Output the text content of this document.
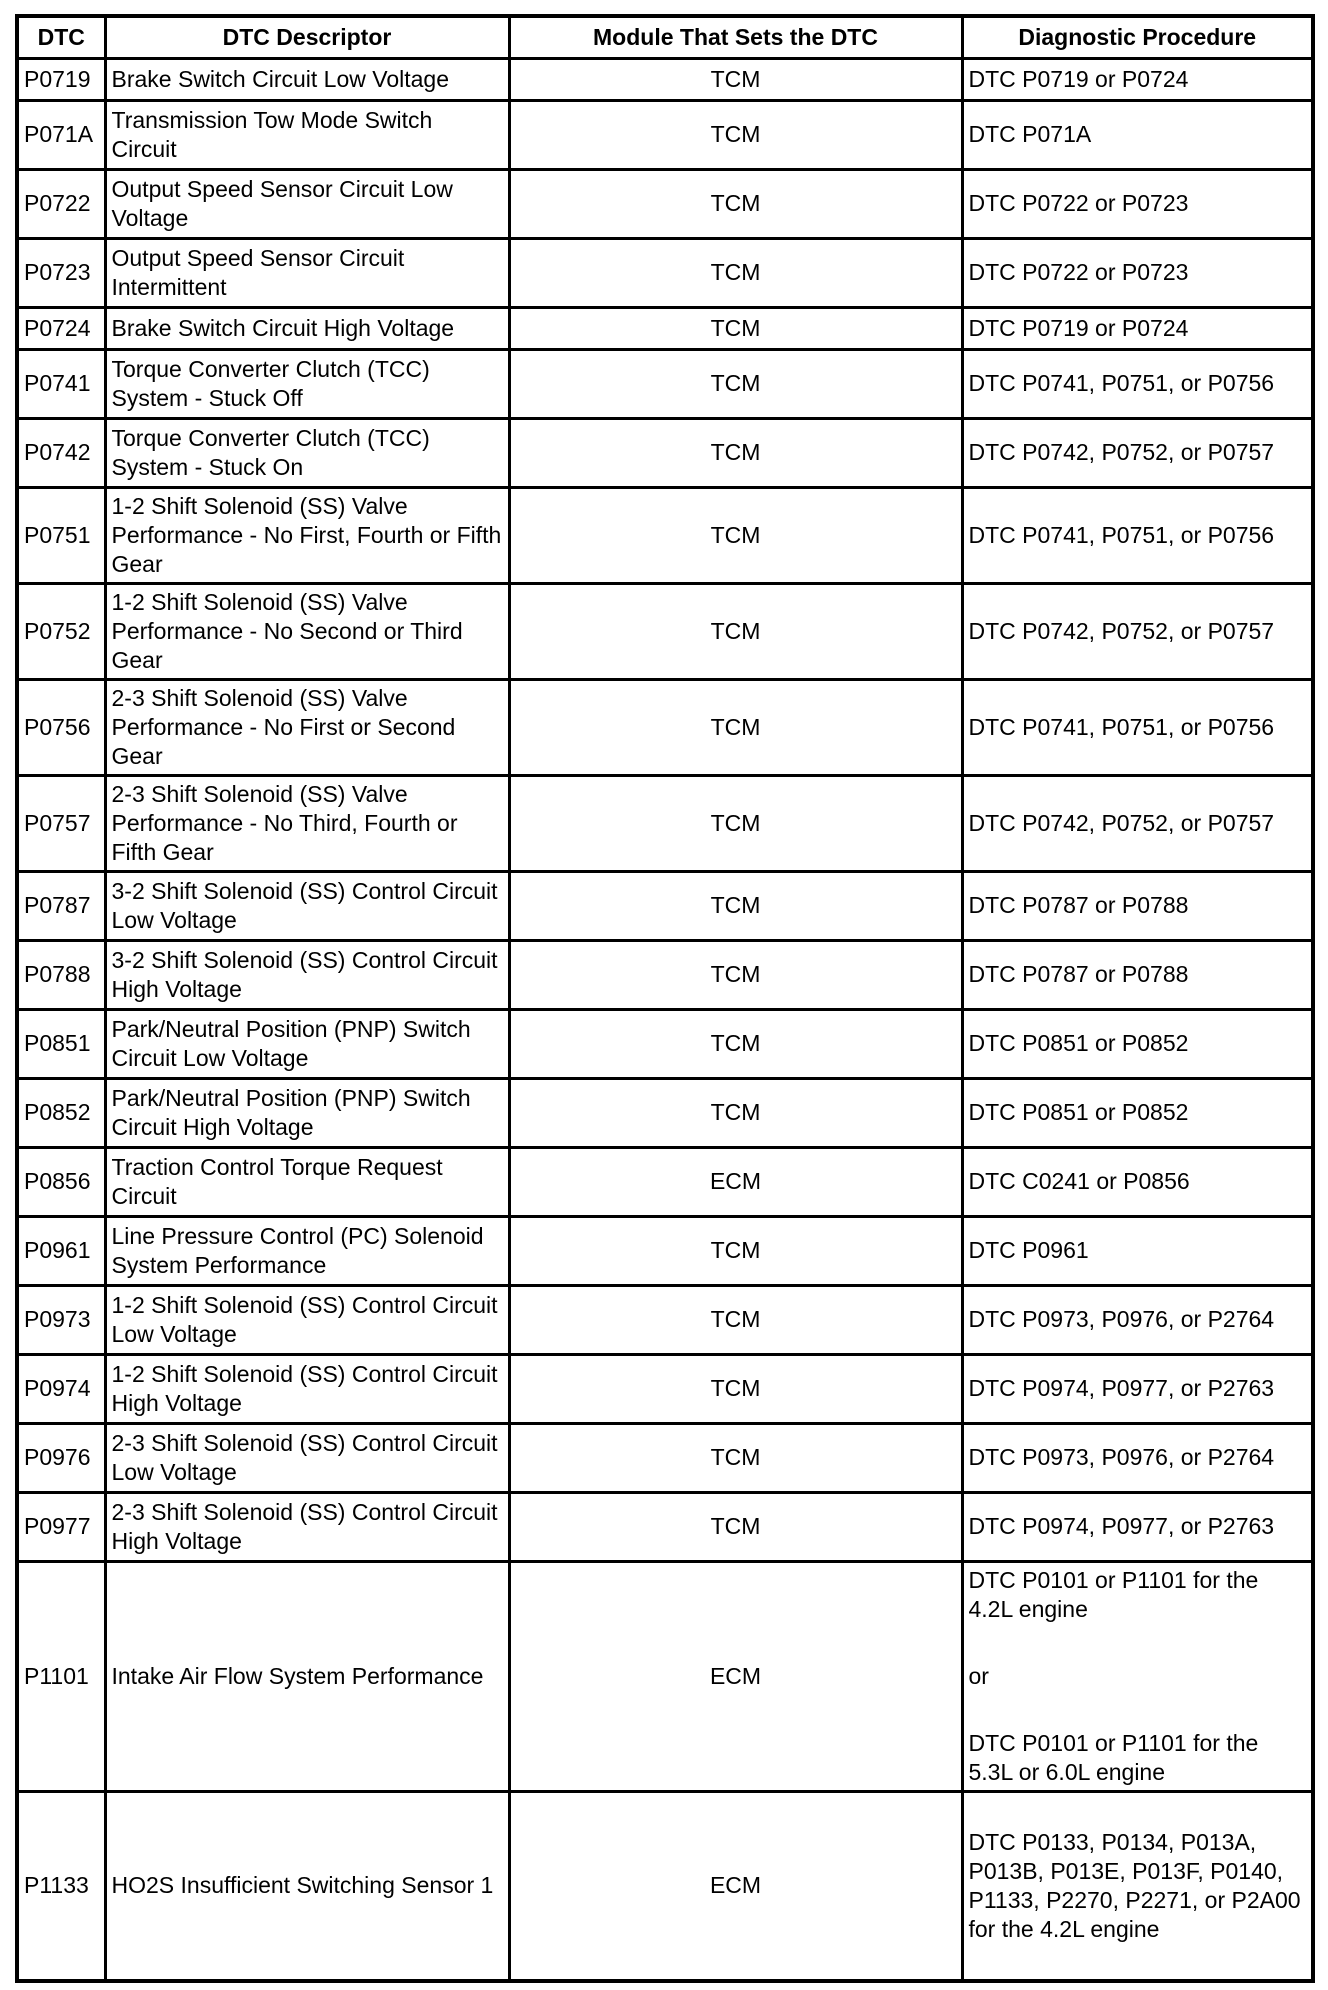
DTC	DTC Descriptor	Module That Sets the DTC	Diagnostic Procedure
P0719	Brake Switch Circuit Low Voltage	TCM	DTC P0719 or P0724

P071A	Transmission Tow Mode Switch Circuit	TCM	DTC P071A

P0722	Output Speed Sensor Circuit Low Voltage	TCM	DTC P0722 or P0723

P0723	Output Speed Sensor Circuit Intermittent	TCM	DTC P0722 or P0723

P0724	Brake Switch Circuit High Voltage	TCM	DTC P0719 or P0724

P0741	Torque Converter Clutch (TCC) System - Stuck Off	TCM	DTC P0741, P0751, or P0756

P0742	Torque Converter Clutch (TCC) System - Stuck On	TCM	DTC P0742, P0752, or P0757

P0751	1-2 Shift Solenoid (SS) Valve Performance - No First, Fourth or Fifth Gear	TCM	DTC P0741, P0751, or P0756

P0752	1-2 Shift Solenoid (SS) Valve Performance - No Second or Third Gear	TCM	DTC P0742, P0752, or P0757

P0756	2-3 Shift Solenoid (SS) Valve Performance - No First or Second Gear	TCM	DTC P0741, P0751, or P0756

P0757	2-3 Shift Solenoid (SS) Valve Performance - No Third, Fourth or Fifth Gear	TCM	DTC P0742, P0752, or P0757

P0787	3-2 Shift Solenoid (SS) Control Circuit Low Voltage	TCM	DTC P0787 or P0788

P0788	3-2 Shift Solenoid (SS) Control Circuit High Voltage	TCM	DTC P0787 or P0788

P0851	Park/Neutral Position (PNP) Switch Circuit Low Voltage	TCM	DTC P0851 or P0852

P0852	Park/Neutral Position (PNP) Switch Circuit High Voltage	TCM	DTC P0851 or P0852

P0856	Traction Control Torque Request Circuit	ECM	DTC C0241 or P0856

P0961	Line Pressure Control (PC) Solenoid System Performance	TCM	DTC P0961

P0973	1-2 Shift Solenoid (SS) Control Circuit Low Voltage	TCM	DTC P0973, P0976, or P2764

P0974	1-2 Shift Solenoid (SS) Control Circuit High Voltage	TCM	DTC P0974, P0977, or P2763

P0976	2-3 Shift Solenoid (SS) Control Circuit Low Voltage	TCM	DTC P0973, P0976, or P2764

P0977	2-3 Shift Solenoid (SS) Control Circuit High Voltage	TCM	DTC P0974, P0977, or P2763

P1101	Intake Air Flow System Performance	ECM	DTC P0101 or P1101 for the 4.2L engine
or
DTC P0101 or P1101 for the 5.3L or 6.0L engine

P1133	HO2S Insufficient Switching Sensor 1	ECM	DTC P0133, P0134, P013A, P013B, P013E, P013F, P0140, P1133, P2270, P2271, or P2A00 for the 4.2L engine
